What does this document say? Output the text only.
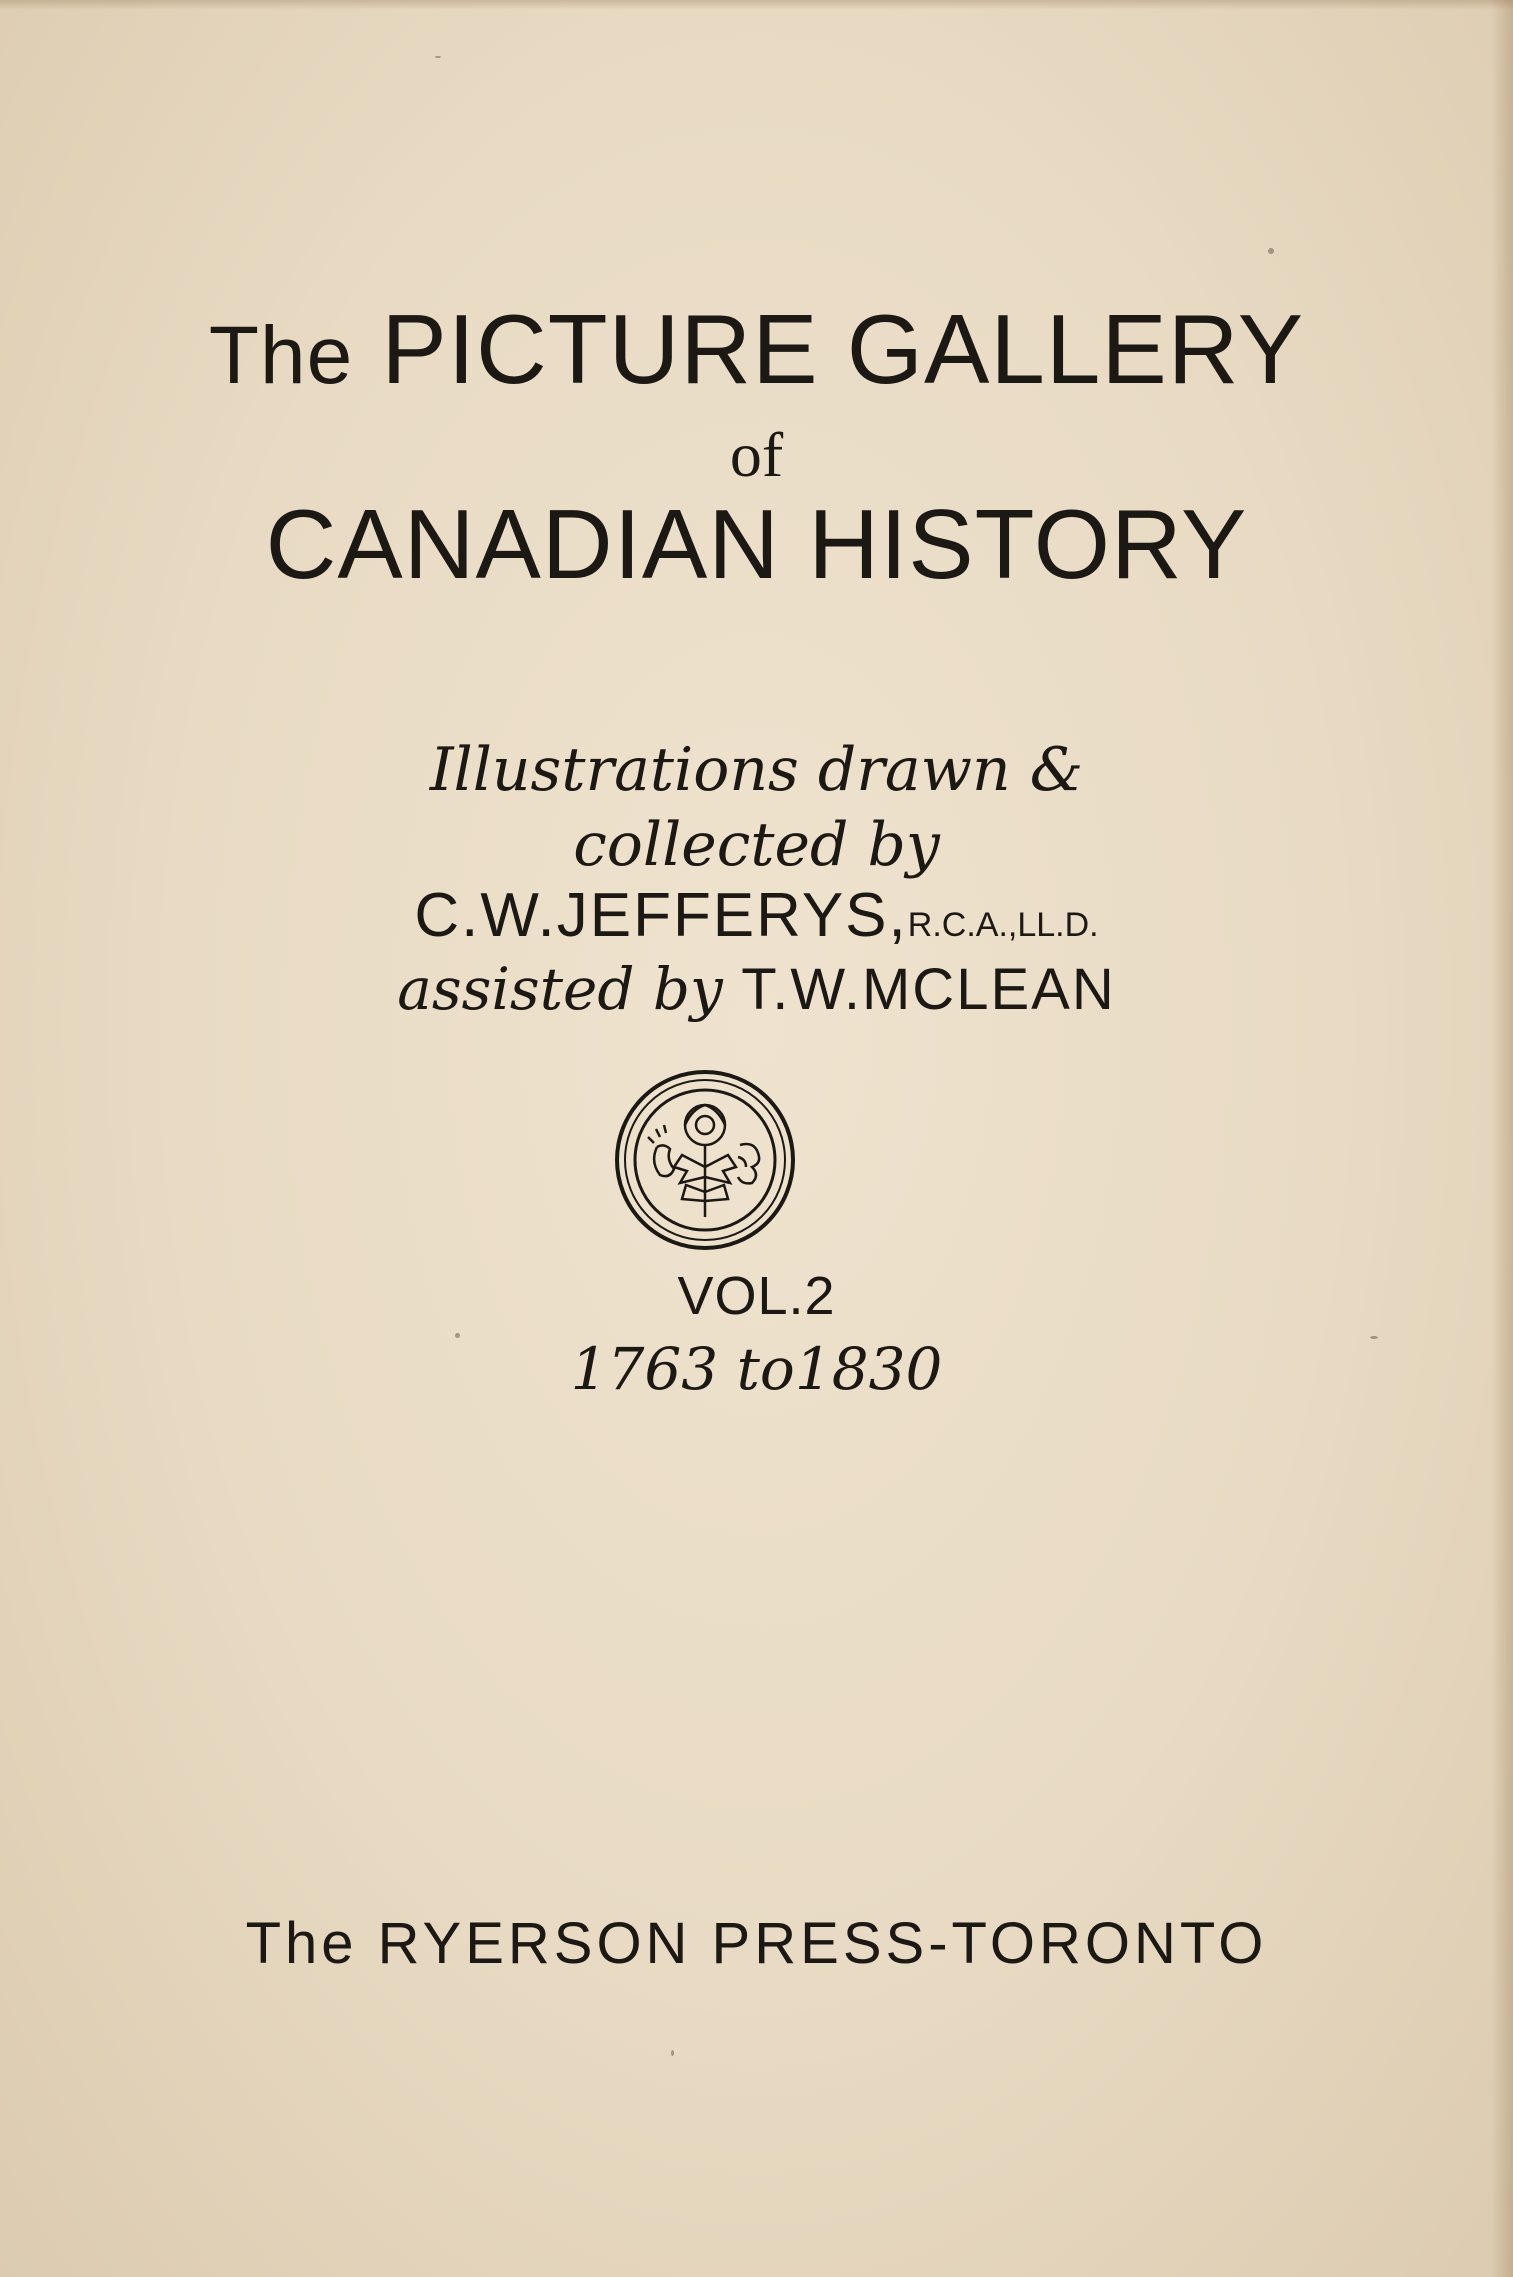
The PICTURE GALLERY
of
CANADIAN HISTORY
Illustrations drawn &
collected by
C.W.JEFFERYS,R.C.A.,LL.D.
assisted by T.W.MCLEAN
VOL.2
1763 to1830
The RYERSON PRESS-TORONTO
